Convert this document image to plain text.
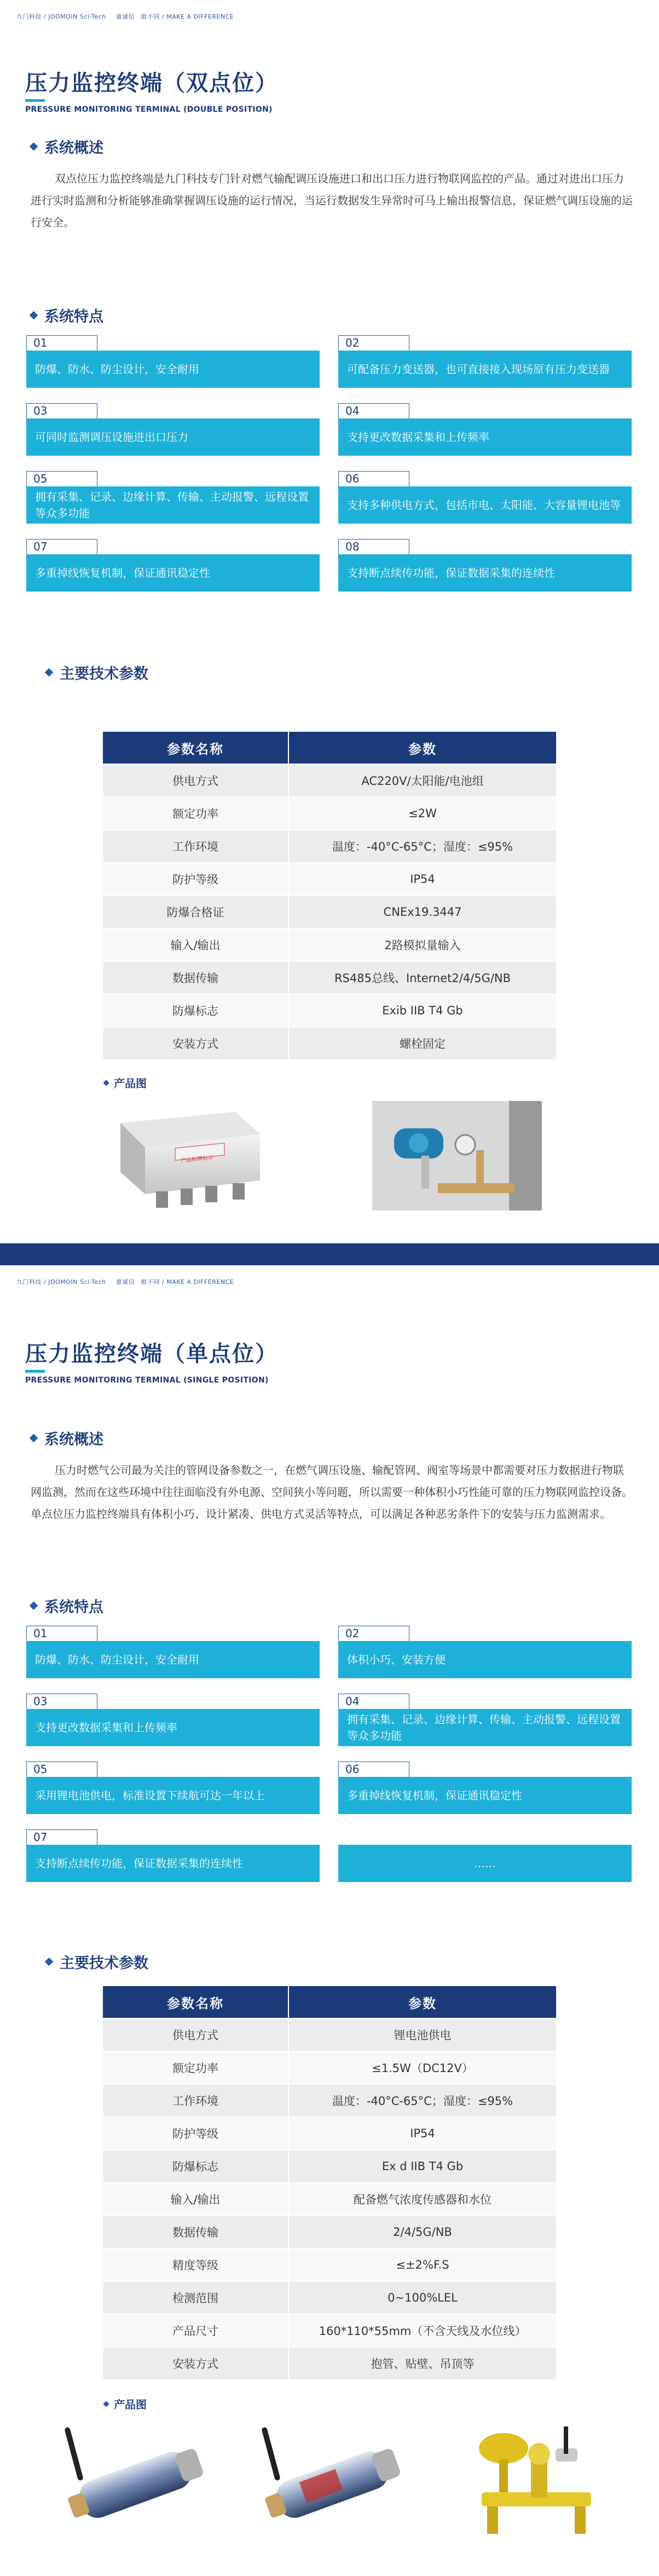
九门科技 / JOOMOIN Sci-Tech 重诚信　敢不同 / MAKE A DIFFERENCE
压力监控终端（双点位）
PRESSURE MONITORING TERMINAL (DOUBLE POSITION)
系统概述
双点位压力监控终端是九门科技专门针对燃气输配调压设施进口和出口压力进行物联网监控的产品。通过对进出口压力进行实时监测和分析能够准确掌握调压设施的运行情况，当运行数据发生异常时可马上输出报警信息，保证燃气调压设施的运行安全。
系统特点
01
防爆、防水、防尘设计，安全耐用
02
可配备压力变送器，也可直接接入现场原有压力变送器
03
可同时监测调压设施进出口压力
04
支持更改数据采集和上传频率
05
拥有采集、记录、边缘计算、传输、主动报警、远程设置等众多功能
06
支持多种供电方式，包括市电、太阳能、大容量锂电池等
07
多重掉线恢复机制，保证通讯稳定性
08
支持断点续传功能，保证数据采集的连续性
主要技术参数
参数名称	参数
供电方式	AC220V/太阳能/电池组
额定功率	≤2W
工作环境	温度：-40°C-65°C；湿度：≤95%
防护等级	IP54
防爆合格证	CNEx19.3447
输入/输出	2路模拟量输入
数据传输	RS485总线、Internet2/4/5G/NB
防爆标志	Exib IIB T4 Gb
安装方式	螺栓固定
产品图
产品标牌标示
九门科技 / JOOMOIN Sci-Tech 重诚信　敢不同 / MAKE A DIFFERENCE
压力监控终端（单点位）
PRESSURE MONITORING TERMINAL (SINGLE POSITION)
系统概述
压力时燃气公司最为关注的管网设备参数之一，在燃气调压设施、输配管网、阀室等场景中都需要对压力数据进行物联网监测，然而在这些环境中往往面临没有外电源、空间狭小等问题，所以需要一种体积小巧性能可靠的压力物联网监控设备。单点位压力监控终端具有体积小巧、设计紧凑、供电方式灵活等特点，可以满足各种恶劣条件下的安装与压力监测需求。
系统特点
01
防爆、防水、防尘设计，安全耐用
02
体积小巧、安装方便
03
支持更改数据采集和上传频率
04
拥有采集、记录、边缘计算、传输、主动报警、远程设置等众多功能
05
采用锂电池供电，标准设置下续航可达一年以上
06
多重掉线恢复机制，保证通讯稳定性
07
支持断点续传功能，保证数据采集的连续性	……
主要技术参数
参数名称	参数
供电方式	锂电池供电
额定功率	≤1.5W（DC12V）
工作环境	温度：-40°C-65°C；湿度：≤95%
防护等级	IP54
防爆标志	Ex d IIB T4 Gb
输入/输出	配备燃气浓度传感器和水位
数据传输	2/4/5G/NB
精度等级	≤±2%F.S
检测范围	0~100%LEL
产品尺寸	160*110*55mm（不含天线及水位线）
安装方式	抱管、贴壁、吊顶等
产品图
